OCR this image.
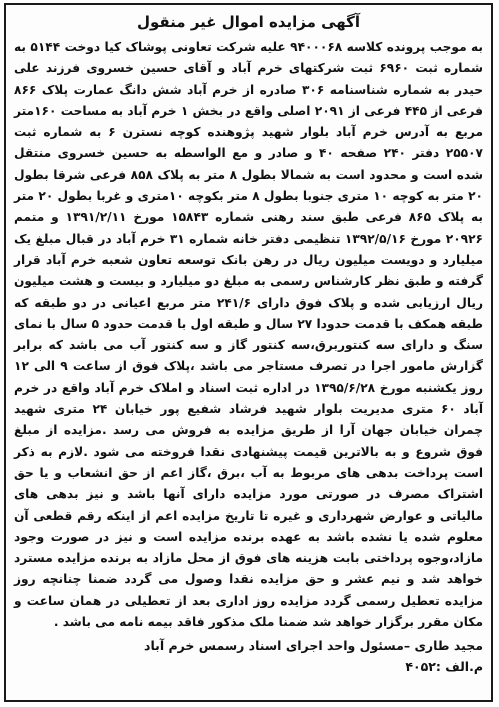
آگهی مزایده اموال غیر منقول

به موجب پرونده کلاسه ۹۴۰۰۰۶۸ علیه شرکت تعاونی پوشاک کیا دوخت ۵۱۴۴ به شماره ثبت ۶۹۶۰ ثبت شرکتهای خرم آباد و آقای حسین خسروی فرزند علی حیدر به شماره شناسنامه ۳۰۶ صادره از خرم آباد شش دانگ عمارت پلاک ۸۶۶ فرعی از ۴۴۵ فرعی از ۲۰۹۱ اصلی واقع در بخش ۱ خرم آباد به مساحت ۱۶۰متر مربع به آدرس خرم آباد بلوار شهید پژوهنده کوچه نسترن ۶ به شماره ثبت ۲۵۵۰۷ دفتر ۲۴۰ صفحه ۴۰ و صادر و مع الواسطه به حسین خسروی منتقل شده است و محدود است به شمالا بطول ۸ متر به پلاک ۸۵۸ فرعی شرقا بطول ۲۰ متر به کوچه ۱۰ متری جنوبا بطول ۸ متر بکوچه ۱۰متری و غربا بطول ۲۰ متر به پلاک ۸۶۵ فرعی طبق سند رهنی شماره ۱۵۸۴۳ مورخ ۱۳۹۱/۲/۱۱ و متمم ۲۰۹۲۶ مورخ ۱۳۹۲/۵/۱۶ تنظیمی دفتر خانه شماره ۳۱ خرم آباد در قبال مبلغ یک میلیارد و دویست میلیون ریال در رهن بانک توسعه تعاون شعبه خرم آباد قرار گرفته و طبق نظر کارشناس رسمی به مبلغ دو میلیارد و بیست و هشت میلیون ریال ارزیابی شده و پلاک فوق دارای ۲۴۱/۶ متر مربع اعیانی در دو طبقه که طبقه همکف با قدمت حدودا ۲۷ سال و طبقه اول با قدمت حدود ۵ سال با نمای سنگ و دارای سه کنتوربرق،سه کنتور گاز و سه کنتور آب می باشد که برابر گزارش مامور اجرا در تصرف مستاجر می باشد ،پلاک فوق از ساعت ۹ الی ۱۲ روز یکشنبه مورخ ۱۳۹۵/۶/۲۸ در اداره ثبت اسناد و املاک خرم آباد واقع در خرم آباد ۶۰ متری مدیریت بلوار شهید فرشاد شفیع پور خیابان ۲۴ متری شهید چمران خیابان جهان آرا از طریق مزایده به فروش می رسد .مزایده از مبلغ فوق شروع و به بالاترین قیمت پیشنهادی نقدا فروخته می شود .لازم به ذکر است پرداخت بدهی های مربوط به آب ،برق ،گاز اعم از حق انشعاب و یا حق اشتراک مصرف در صورتی مورد مزایده دارای آنها باشد و نیز بدهی های مالیاتی و عوارض شهرداری و غیره تا تاریخ مزایده اعم از اینکه رقم قطعی آن معلوم شده یا نشده باشد به عهده برنده مزایده است و نیز در صورت وجود مازاد،وجوه پرداختی بابت هزینه های فوق از محل مازاد به برنده مزایده مسترد خواهد شد و نیم عشر و حق مزایده نقدا وصول می گردد ضمنا چنانچه روز مزایده تعطیل رسمی گردد مزایده روز اداری بعد از تعطیلی در همان ساعت و مکان مقرر برگزار خواهد شد ضمنا ملک مذکور فاقد بیمه نامه می باشد .

مجید طاری –مسئول واحد اجرای اسناد رسمس خرم آباد
م.الف :۴۰۵۲
